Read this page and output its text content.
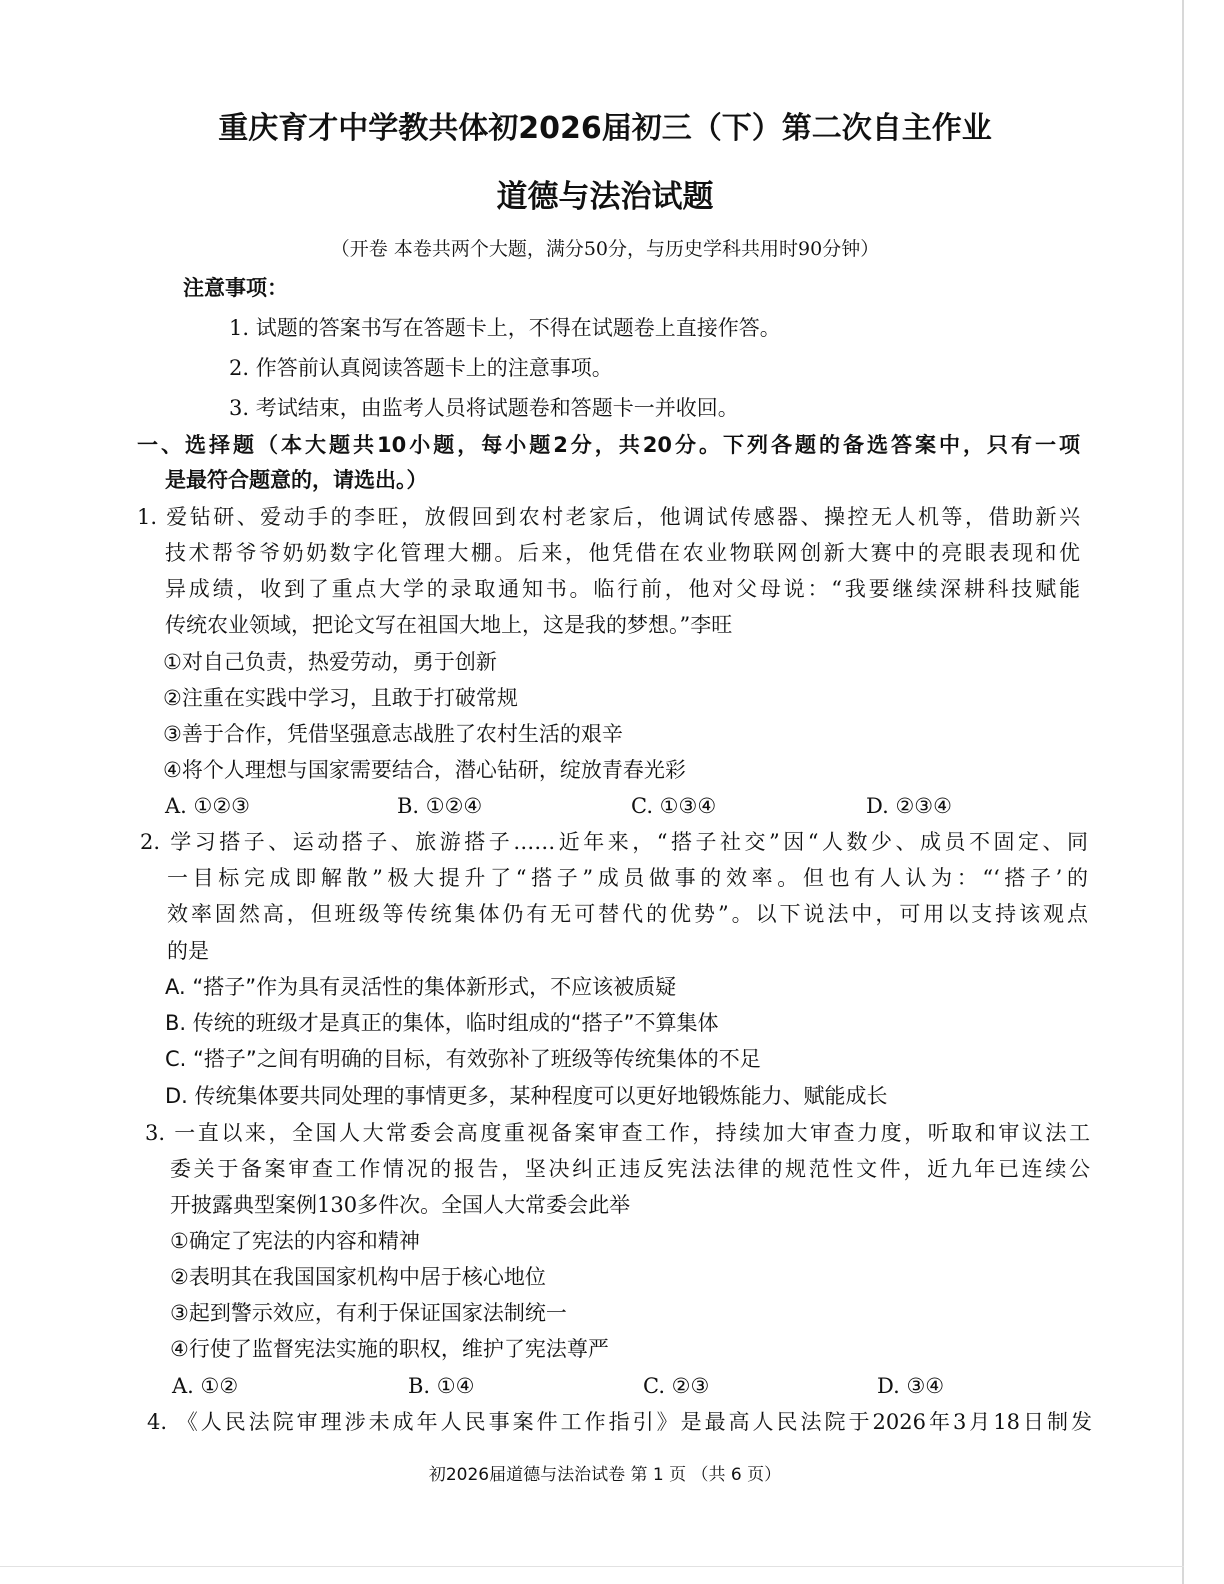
重庆育才中学教共体初2026届初三（下）第二次自主作业
道德与法治试题
（开卷 本卷共两个大题，满分50分，与历史学科共用时90分钟）
注意事项：
1. 试题的答案书写在答题卡上，不得在试题卷上直接作答。
2. 作答前认真阅读答题卡上的注意事项。
3. 考试结束，由监考人员将试题卷和答题卡一并收回。
一、选择题（本大题共10小题，每小题2分，共20分。下列各题的备选答案中，只有一项
是最符合题意的，请选出。）
1. 爱钻研、爱动手的李旺，放假回到农村老家后，他调试传感器、操控无人机等，借助新兴
技术帮爷爷奶奶数字化管理大棚。后来，他凭借在农业物联网创新大赛中的亮眼表现和优
异成绩，收到了重点大学的录取通知书。临行前，他对父母说：“我要继续深耕科技赋能
传统农业领域，把论文写在祖国大地上，这是我的梦想。”李旺
①对自己负责，热爱劳动，勇于创新
②注重在实践中学习，且敢于打破常规
③善于合作，凭借坚强意志战胜了农村生活的艰辛
④将个人理想与国家需要结合，潜心钻研，绽放青春光彩
A. ①②③	B. ①②④	C. ①③④	D. ②③④
2. 学习搭子、运动搭子、旅游搭子……近年来，“搭子社交”因“人数少、成员不固定、同
一目标完成即解散”极大提升了“搭子”成员做事的效率。但也有人认为：“‘搭子’的
效率固然高，但班级等传统集体仍有无可替代的优势”。以下说法中，可用以支持该观点
的是
A. “搭子”作为具有灵活性的集体新形式，不应该被质疑
B. 传统的班级才是真正的集体，临时组成的“搭子”不算集体
C. “搭子”之间有明确的目标，有效弥补了班级等传统集体的不足
D. 传统集体要共同处理的事情更多，某种程度可以更好地锻炼能力、赋能成长
3. 一直以来，全国人大常委会高度重视备案审查工作，持续加大审查力度，听取和审议法工
委关于备案审查工作情况的报告，坚决纠正违反宪法法律的规范性文件，近九年已连续公
开披露典型案例130多件次。全国人大常委会此举
①确定了宪法的内容和精神
②表明其在我国国家机构中居于核心地位
③起到警示效应，有利于保证国家法制统一
④行使了监督宪法实施的职权，维护了宪法尊严
A. ①②	B. ①④	C. ②③	D. ③④
4. 《人民法院审理涉未成年人民事案件工作指引》是最高人民法院于2026年3月18日制发
初2026届道德与法治试卷 第 1 页 （共 6 页）
